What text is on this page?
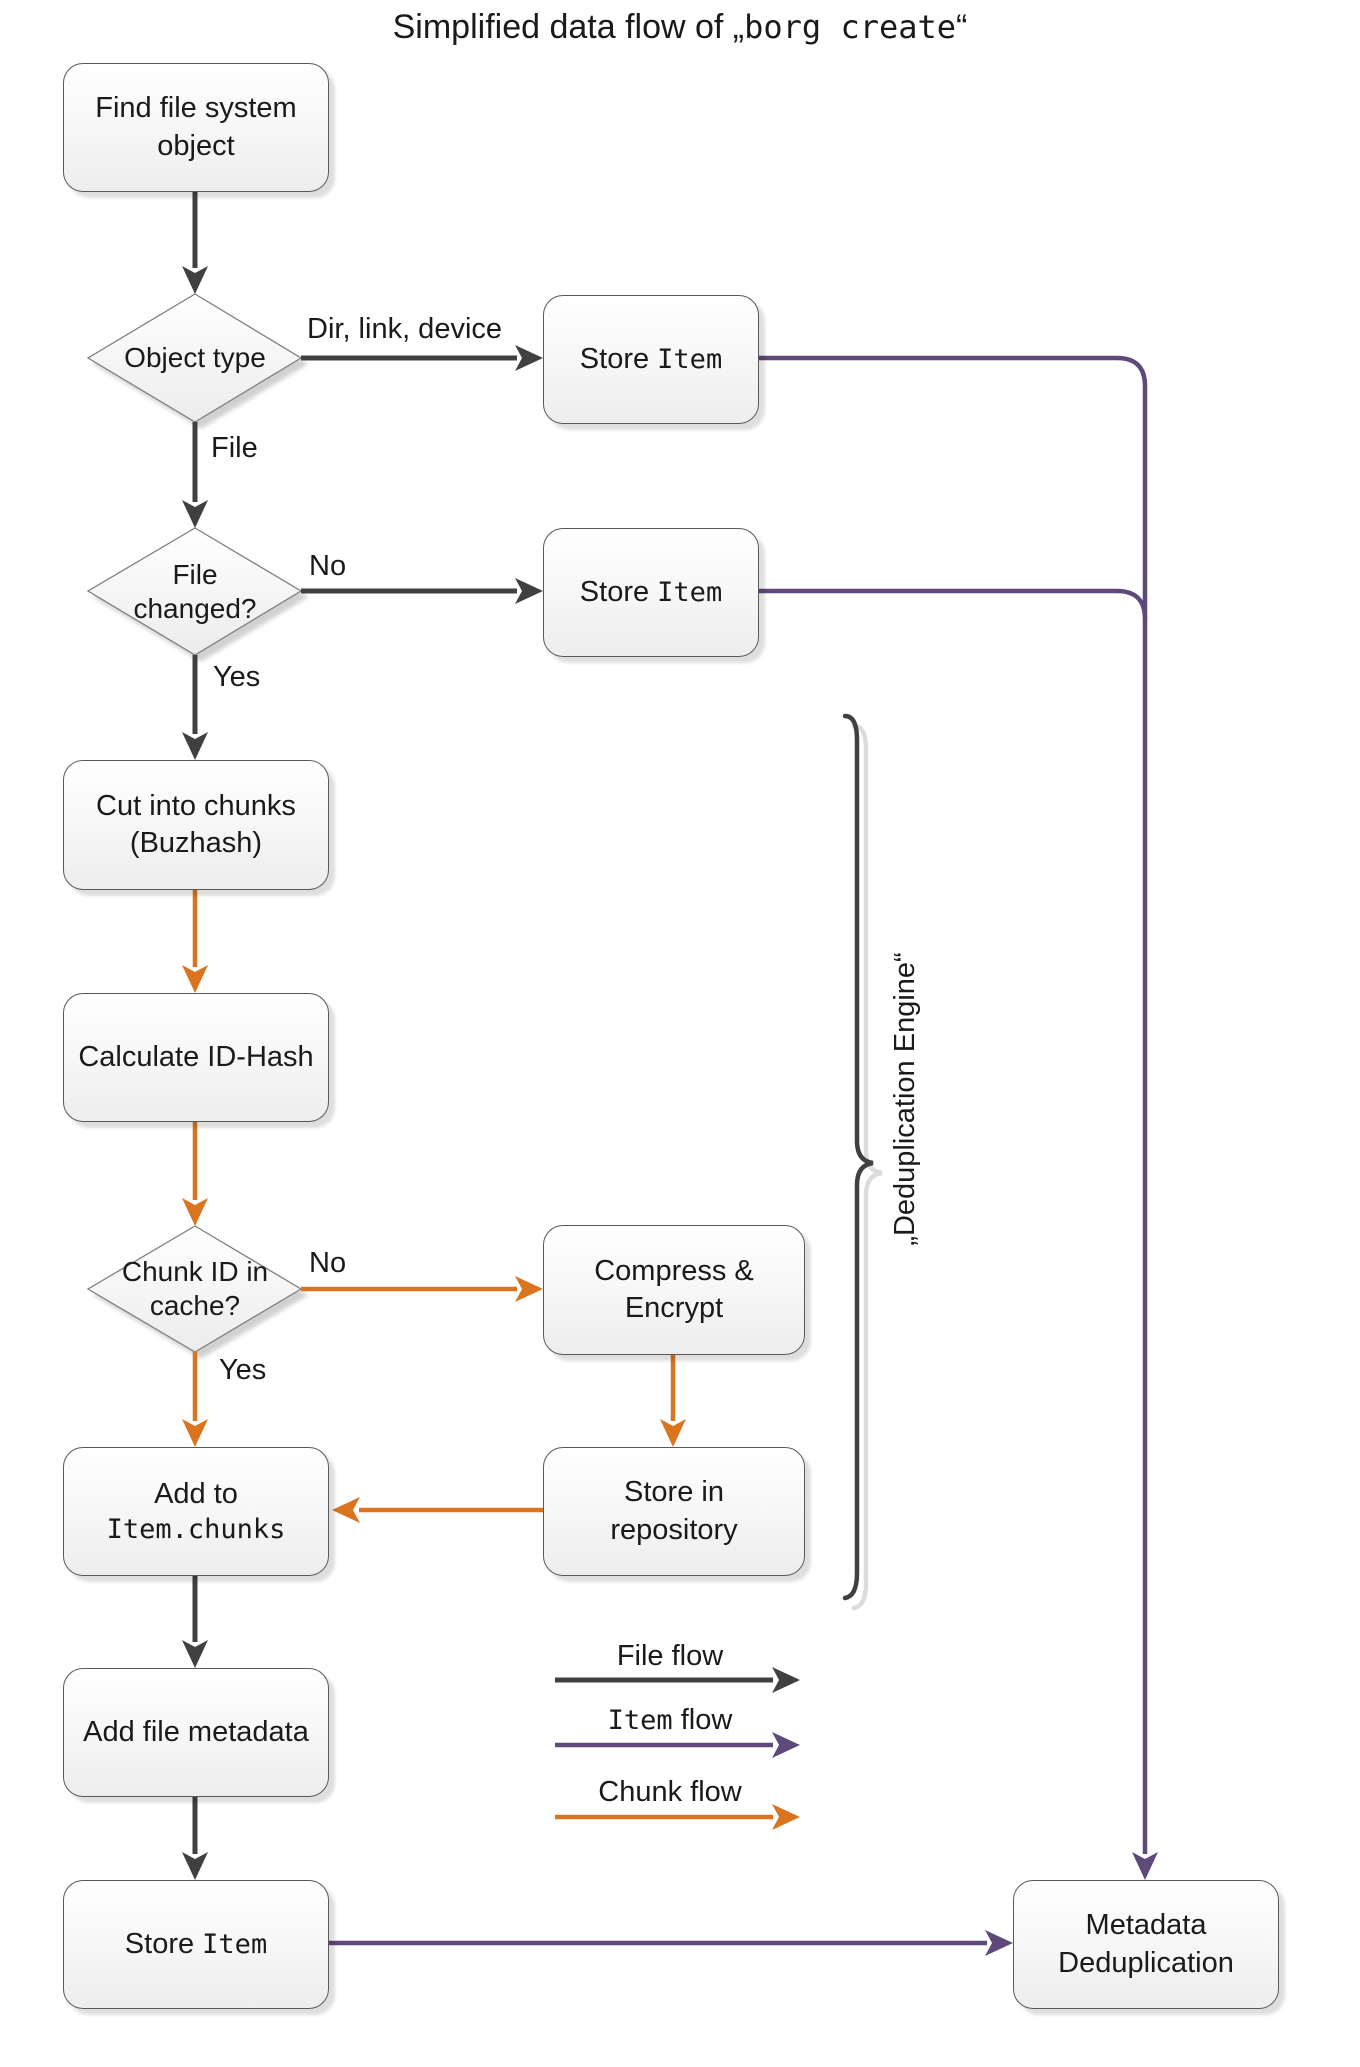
Simplified data flow of „borg create“
Find file system
object
Store Item
Store Item
Cut into chunks
(Buzhash)
Calculate ID-Hash
Compress &
Encrypt
Store in
repository
Add to
Item.chunks
Add file metadata
Store Item
Metadata
Deduplication
Object type
File
changed?
Chunk ID in
cache?
Dir, link, device
File
No
Yes
No
Yes
„Deduplication Engine“
File flow
Item flow
Chunk flow
